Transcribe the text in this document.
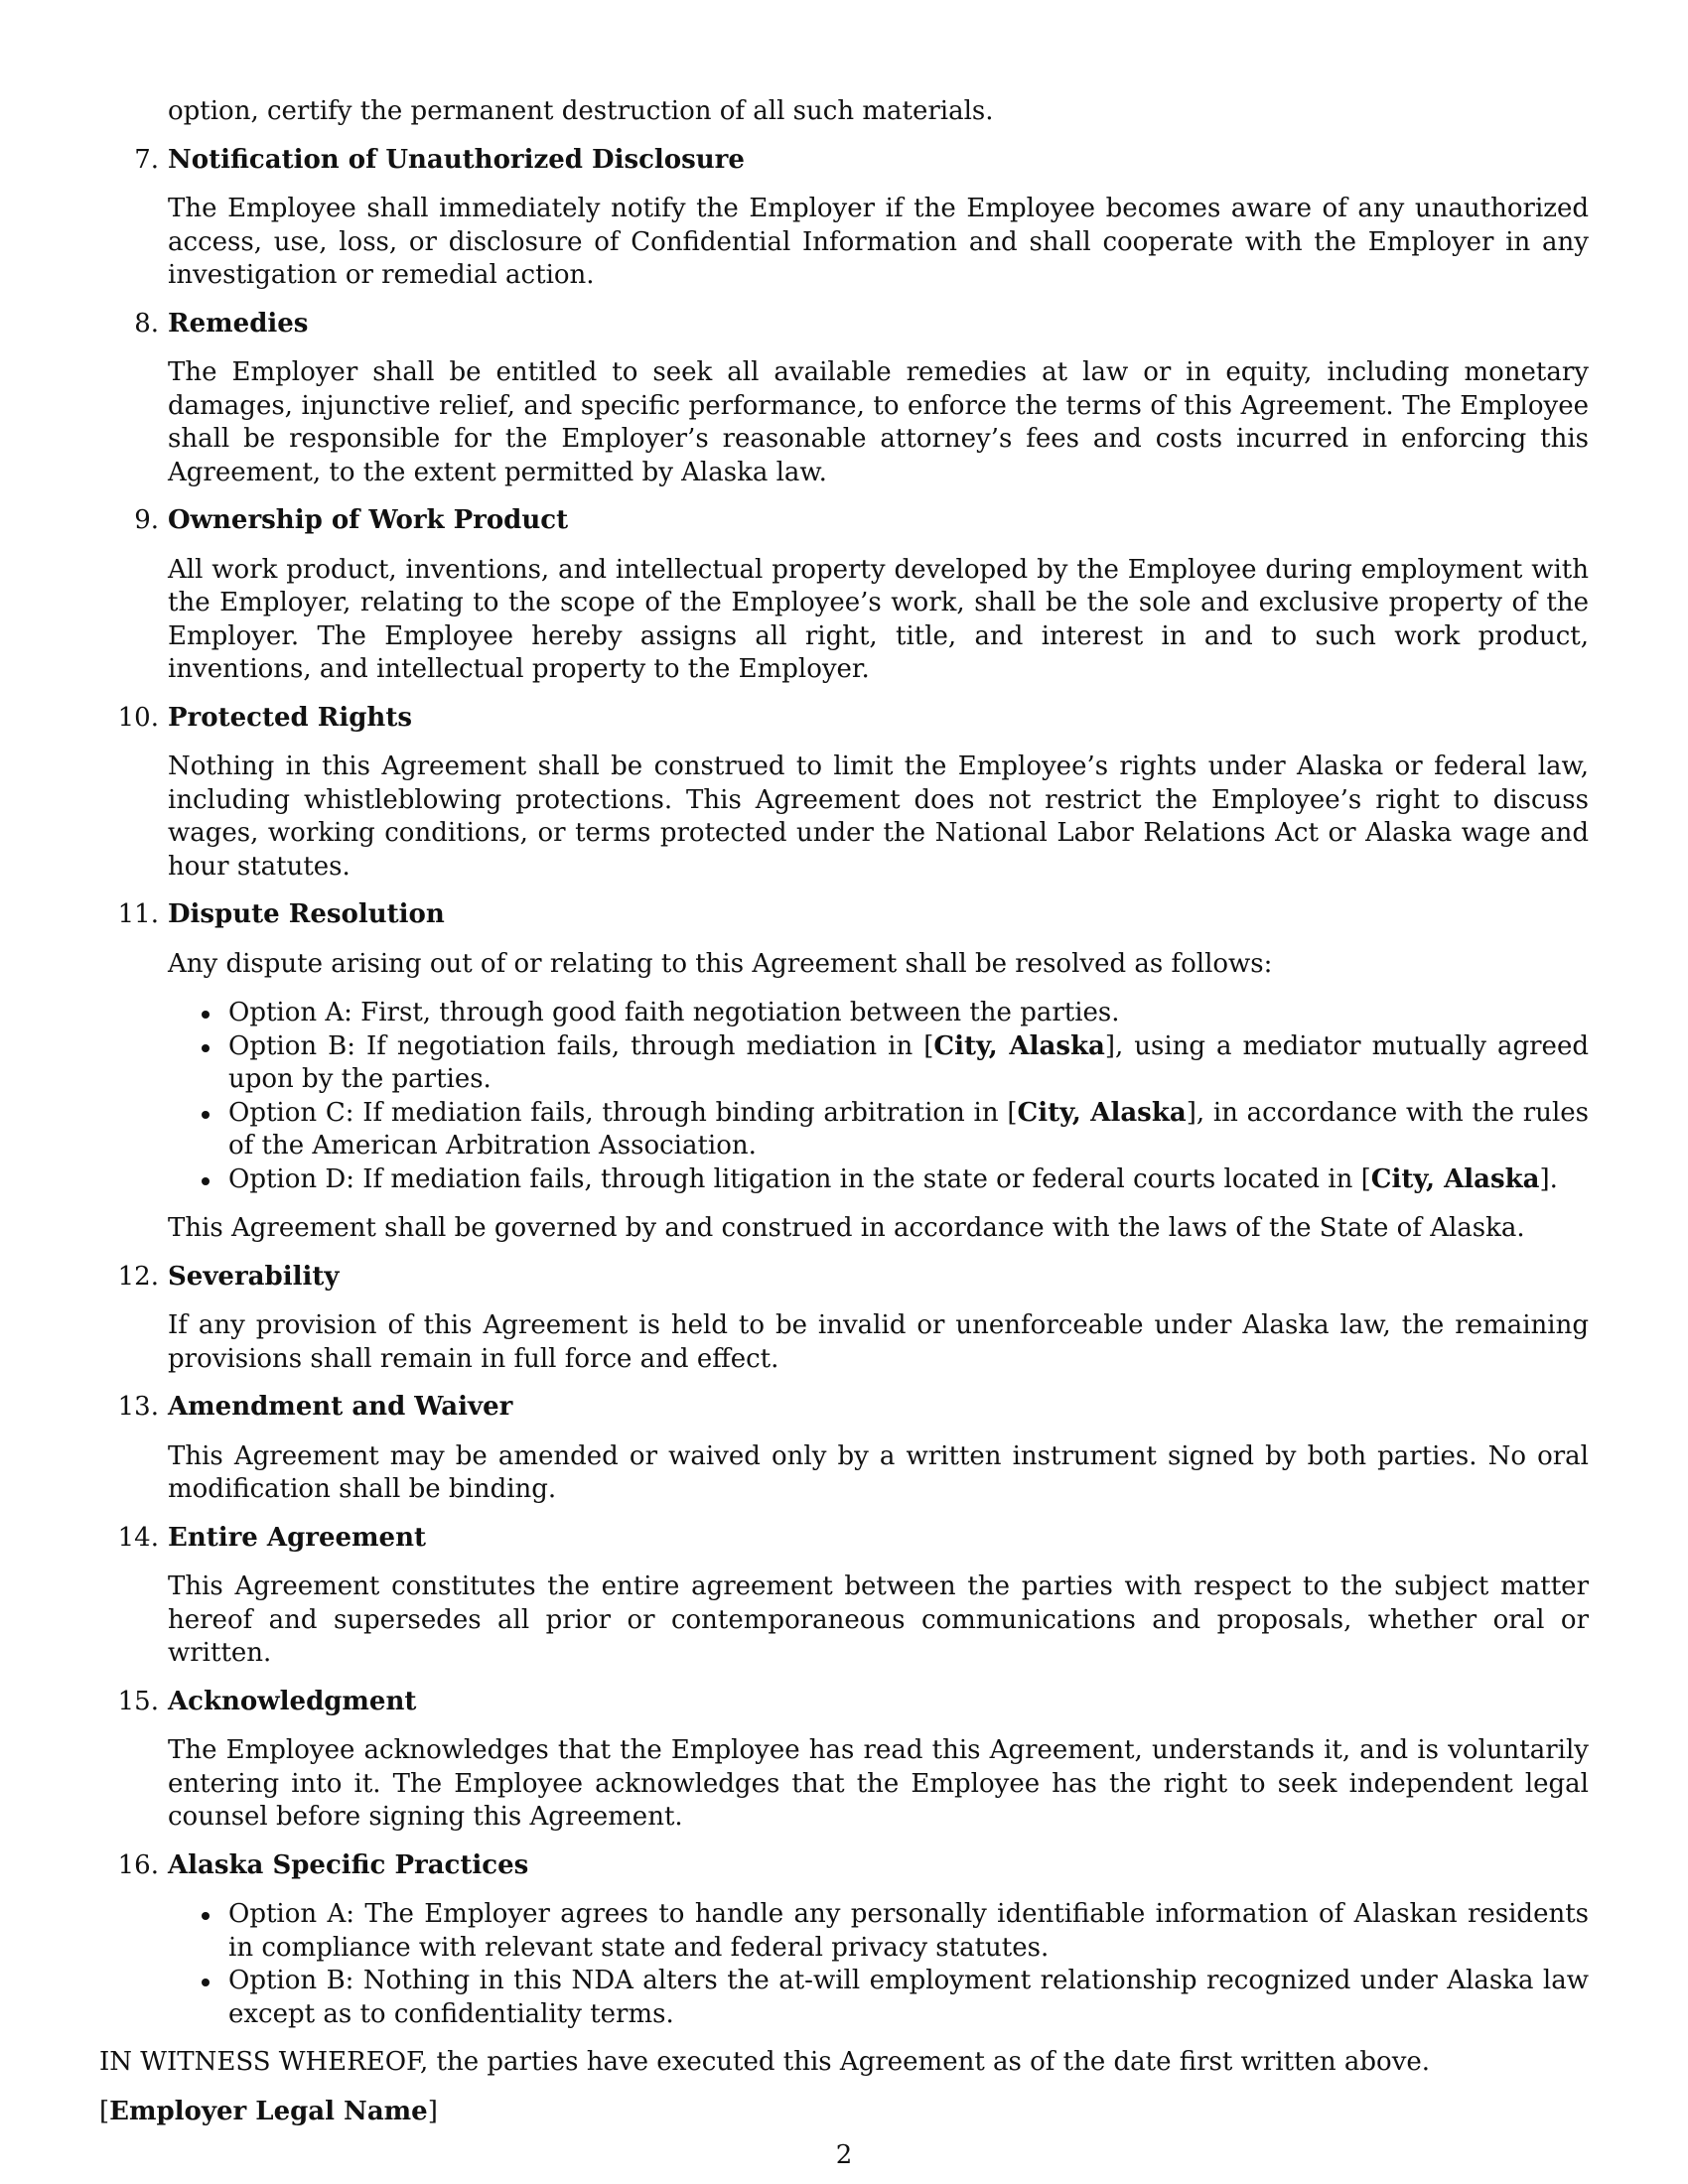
option, certify the permanent destruction of all such materials.
7. Notification of Unauthorized Disclosure
The Employee shall immediately notify the Employer if the Employee becomes aware of any unauthorized access, use, loss, or disclosure of Confidential Information and shall cooperate with the Employer in any investigation or remedial action.
8. Remedies
The Employer shall be entitled to seek all available remedies at law or in equity, including monetary damages, injunctive relief, and specific performance, to enforce the terms of this Agreement. The Employee shall be responsible for the Employer’s reasonable attorney’s fees and costs incurred in enforcing this Agreement, to the extent permitted by Alaska law.
9. Ownership of Work Product
All work product, inventions, and intellectual property developed by the Employee during employment with the Employer, relating to the scope of the Employee’s work, shall be the sole and exclusive property of the Employer. The Employee hereby assigns all right, title, and interest in and to such work product, inventions, and intellectual property to the Employer.
10. Protected Rights
Nothing in this Agreement shall be construed to limit the Employee’s rights under Alaska or federal law, including whistleblowing protections. This Agreement does not restrict the Employee’s right to discuss wages, working conditions, or terms protected under the National Labor Relations Act or Alaska wage and hour statutes.
11. Dispute Resolution
Any dispute arising out of or relating to this Agreement shall be resolved as follows:
Option A: First, through good faith negotiation between the parties.
Option B: If negotiation fails, through mediation in [City, Alaska], using a mediator mutually agreed upon by the parties.
Option C: If mediation fails, through binding arbitration in [City, Alaska], in accordance with the rules of the American Arbitration Association.
Option D: If mediation fails, through litigation in the state or federal courts located in [City, Alaska].
This Agreement shall be governed by and construed in accordance with the laws of the State of Alaska.
12. Severability
If any provision of this Agreement is held to be invalid or unenforceable under Alaska law, the remaining provisions shall remain in full force and effect.
13. Amendment and Waiver
This Agreement may be amended or waived only by a written instrument signed by both parties. No oral modification shall be binding.
14. Entire Agreement
This Agreement constitutes the entire agreement between the parties with respect to the subject matter hereof and supersedes all prior or contemporaneous communications and proposals, whether oral or written.
15. Acknowledgment
The Employee acknowledges that the Employee has read this Agreement, understands it, and is voluntarily entering into it. The Employee acknowledges that the Employee has the right to seek independent legal counsel before signing this Agreement.
16. Alaska Specific Practices
Option A: The Employer agrees to handle any personally identifiable information of Alaskan residents in compliance with relevant state and federal privacy statutes.
Option B: Nothing in this NDA alters the at-will employment relationship recognized under Alaska law except as to confidentiality terms.
IN WITNESS WHEREOF, the parties have executed this Agreement as of the date first written above.
[Employer Legal Name]
2
